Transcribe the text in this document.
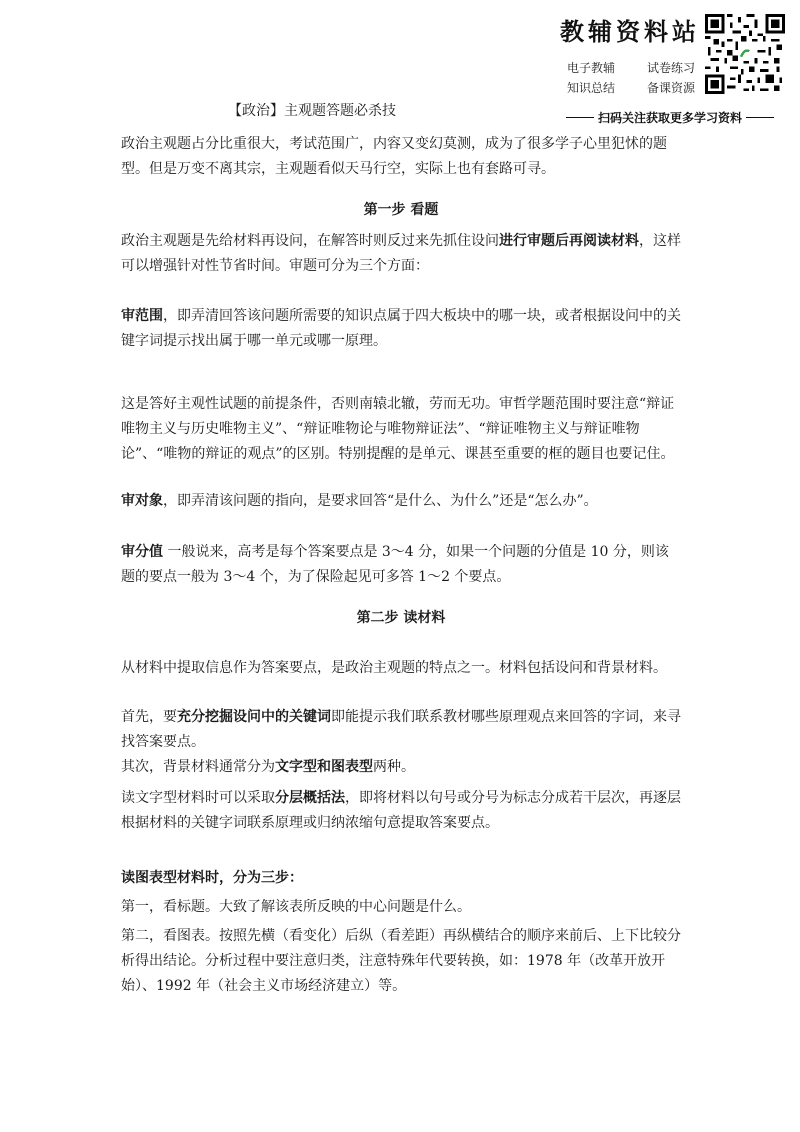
教辅资料站
电子教辅	试卷练习
知识总结	备课资源
扫码关注获取更多学习资料
【政治】主观题答题必杀技

政治主观题占分比重很大，考试范围广，内容又变幻莫测，成为了很多学子心里犯怵的题型。但是万变不离其宗，主观题看似天马行空，实际上也有套路可寻。

第一步 看题

政治主观题是先给材料再设问，在解答时则反过来先抓住设问进行审题后再阅读材料，这样可以增强针对性节省时间。审题可分为三个方面：

审范围，即弄清回答该问题所需要的知识点属于四大板块中的哪一块，或者根据设问中的关键字词提示找出属于哪一单元或哪一原理。

这是答好主观性试题的前提条件，否则南辕北辙，劳而无功。审哲学题范围时要注意“辩证唯物主义与历史唯物主义”、“辩证唯物论与唯物辩证法”、“辩证唯物主义与辩证唯物论”、“唯物的辩证的观点”的区别。特别提醒的是单元、课甚至重要的框的题目也要记住。

审对象，即弄清该问题的指向，是要求回答“是什么、为什么”还是“怎么办”。

审分值 一般说来，高考是每个答案要点是 3～4 分，如果一个问题的分值是 10 分，则该题的要点一般为 3～4 个，为了保险起见可多答 1～2 个要点。

第二步 读材料

从材料中提取信息作为答案要点，是政治主观题的特点之一。材料包括设问和背景材料。

首先，要充分挖掘设问中的关键词即能提示我们联系教材哪些原理观点来回答的字词，来寻找答案要点。

其次，背景材料通常分为文字型和图表型两种。

读文字型材料时可以采取分层概括法，即将材料以句号或分号为标志分成若干层次，再逐层根据材料的关键字词联系原理或归纳浓缩句意提取答案要点。

读图表型材料时，分为三步：

第一，看标题。大致了解该表所反映的中心问题是什么。

第二，看图表。按照先横（看变化）后纵（看差距）再纵横结合的顺序来前后、上下比较分析得出结论。分析过程中要注意归类，注意特殊年代要转换，如：1978 年（改革开放开始）、1992 年（社会主义市场经济建立）等。
